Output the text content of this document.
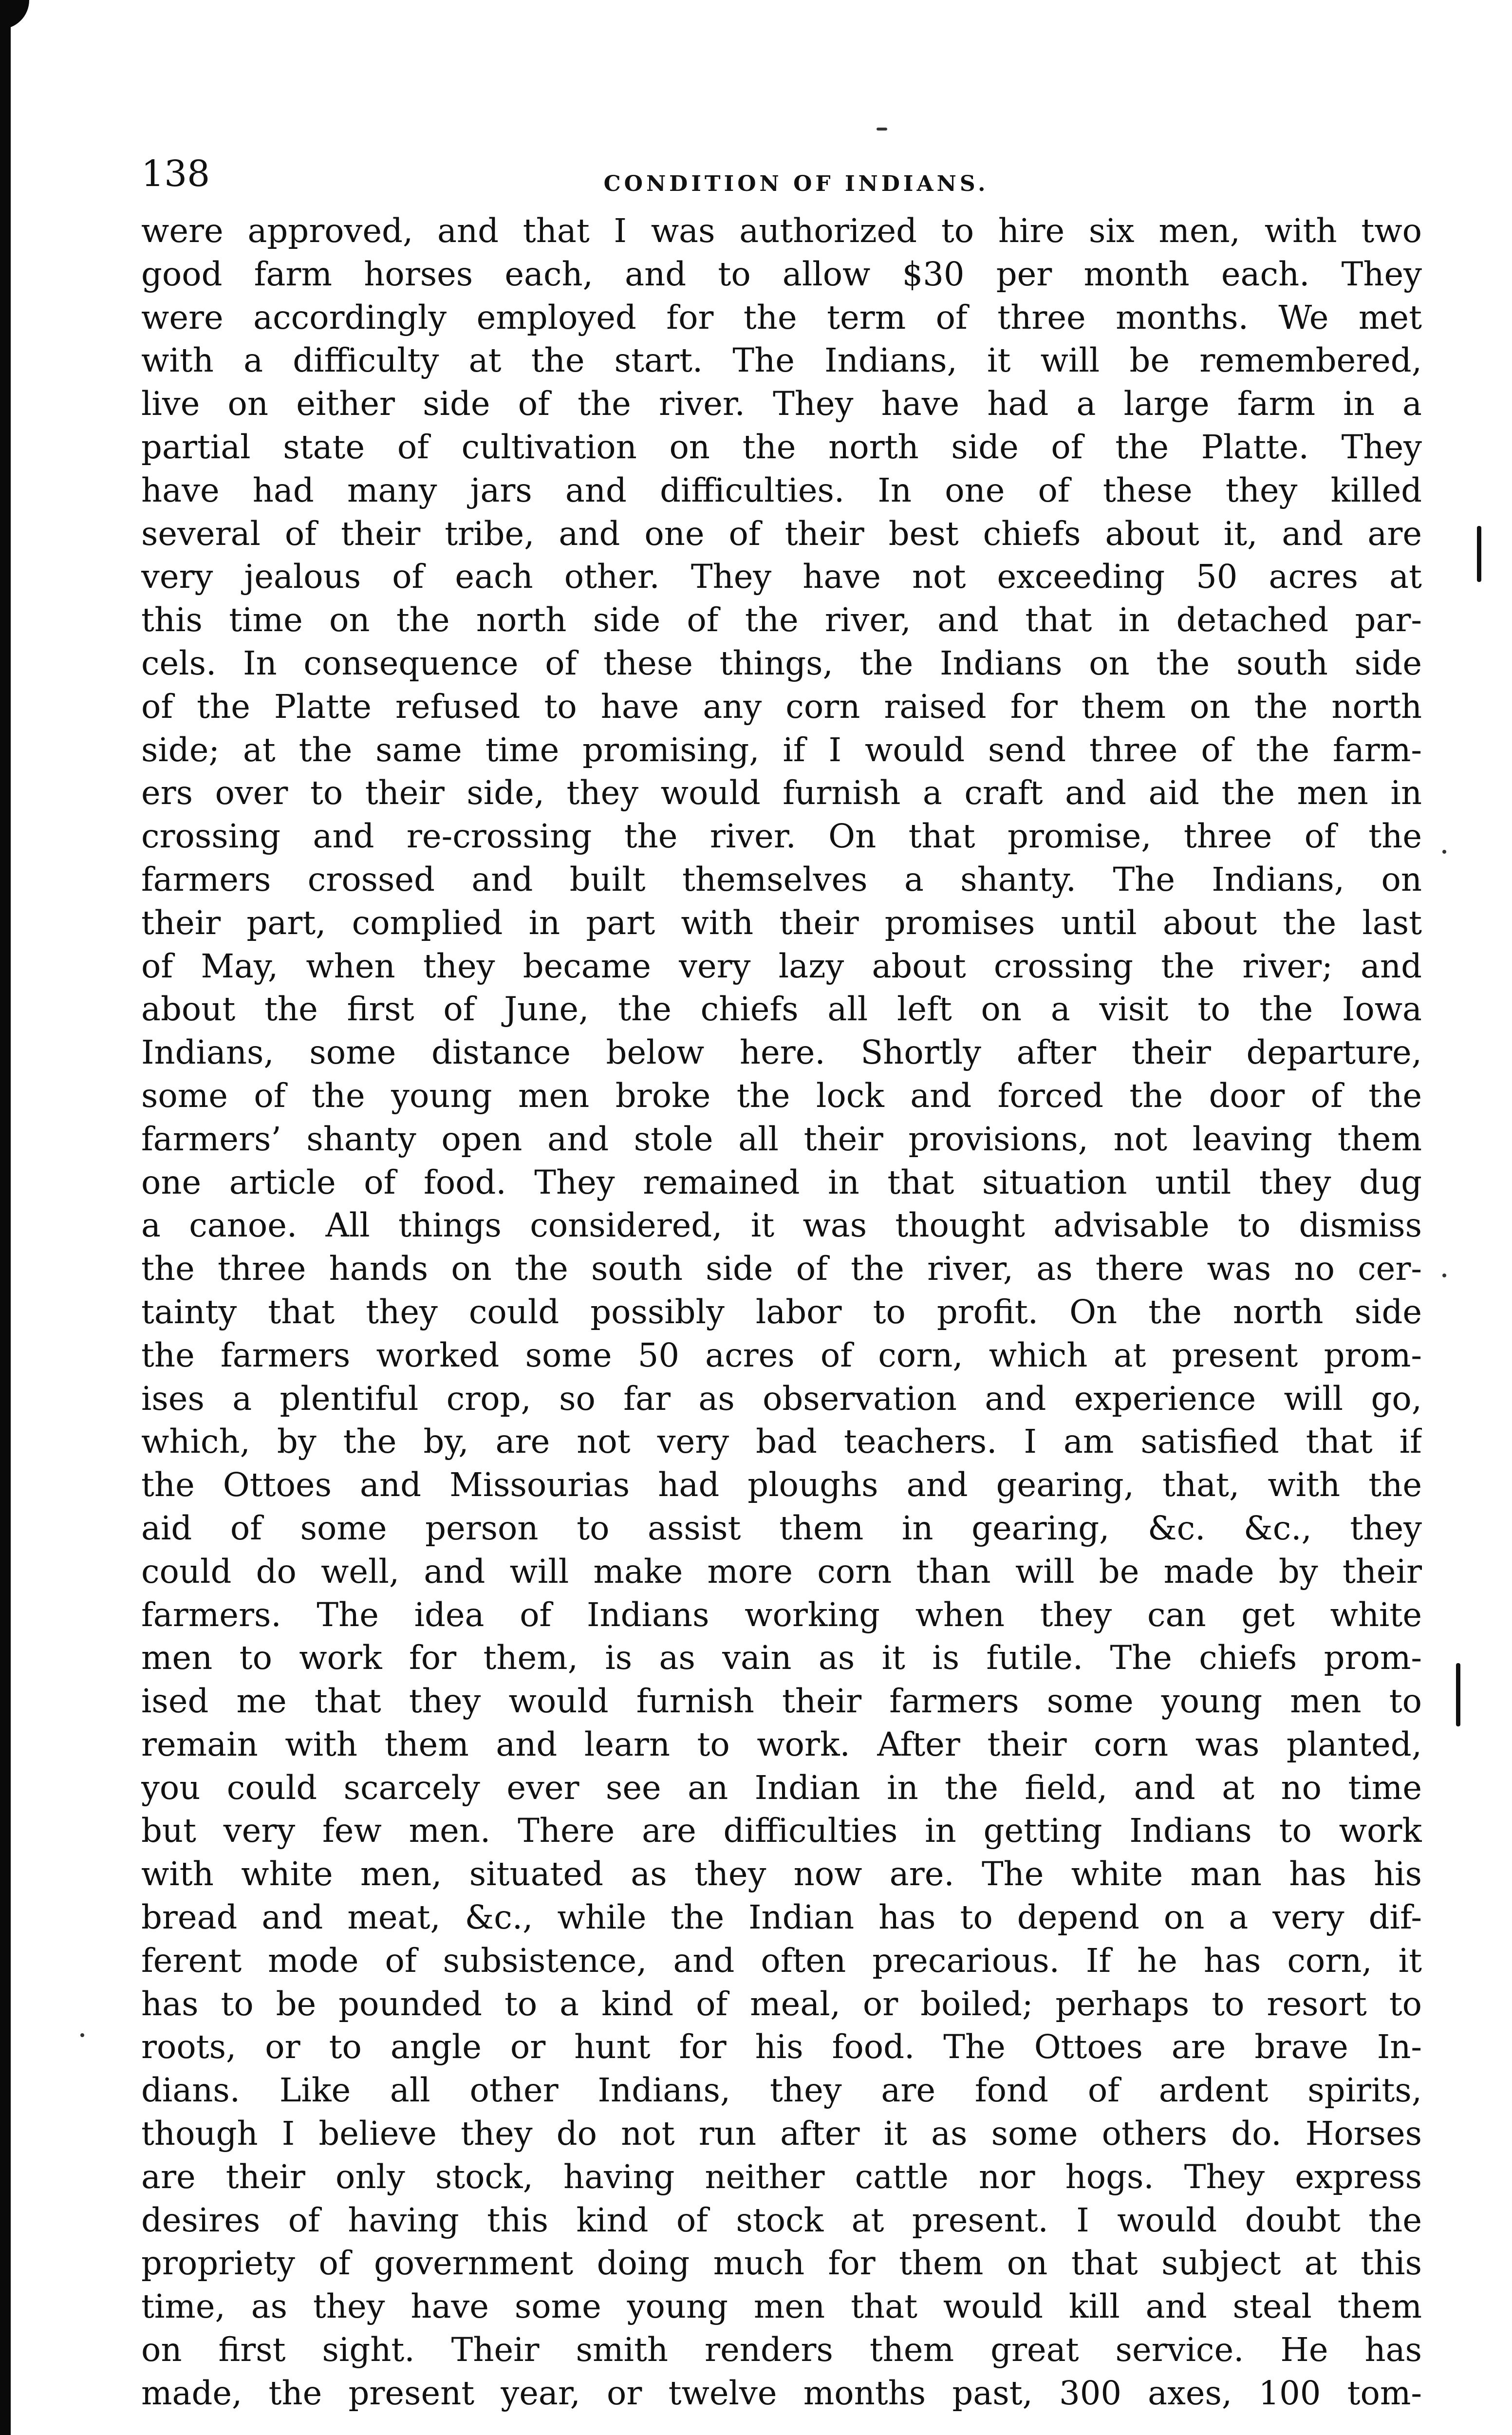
138	CONDITION OF INDIANS.
were approved, and that I was authorized to hire six men, with two
good farm horses each, and to allow $30 per month each. They
were accordingly employed for the term of three months. We met
with a difficulty at the start. The Indians, it will be remembered,
live on either side of the river. They have had a large farm in a
partial state of cultivation on the north side of the Platte. They
have had many jars and difficulties. In one of these they killed
several of their tribe, and one of their best chiefs about it, and are
very jealous of each other. They have not exceeding 50 acres at
this time on the north side of the river, and that in detached par-
cels. In consequence of these things, the Indians on the south side
of the Platte refused to have any corn raised for them on the north
side; at the same time promising, if I would send three of the farm-
ers over to their side, they would furnish a craft and aid the men in
crossing and re-crossing the river. On that promise, three of the
farmers crossed and built themselves a shanty. The Indians, on
their part, complied in part with their promises until about the last
of May, when they became very lazy about crossing the river; and
about the first of June, the chiefs all left on a visit to the Iowa
Indians, some distance below here. Shortly after their departure,
some of the young men broke the lock and forced the door of the
farmers’ shanty open and stole all their provisions, not leaving them
one article of food. They remained in that situation until they dug
a canoe. All things considered, it was thought advisable to dismiss
the three hands on the south side of the river, as there was no cer-
tainty that they could possibly labor to profit. On the north side
the farmers worked some 50 acres of corn, which at present prom-
ises a plentiful crop, so far as observation and experience will go,
which, by the by, are not very bad teachers. I am satisfied that if
the Ottoes and Missourias had ploughs and gearing, that, with the
aid of some person to assist them in gearing, &c. &c., they
could do well, and will make more corn than will be made by their
farmers. The idea of Indians working when they can get white
men to work for them, is as vain as it is futile. The chiefs prom-
ised me that they would furnish their farmers some young men to
remain with them and learn to work. After their corn was planted,
you could scarcely ever see an Indian in the field, and at no time
but very few men. There are difficulties in getting Indians to work
with white men, situated as they now are. The white man has his
bread and meat, &c., while the Indian has to depend on a very dif-
ferent mode of subsistence, and often precarious. If he has corn, it
has to be pounded to a kind of meal, or boiled; perhaps to resort to
roots, or to angle or hunt for his food. The Ottoes are brave In-
dians. Like all other Indians, they are fond of ardent spirits,
though I believe they do not run after it as some others do. Horses
are their only stock, having neither cattle nor hogs. They express
desires of having this kind of stock at present. I would doubt the
propriety of government doing much for them on that subject at this
time, as they have some young men that would kill and steal them
on first sight. Their smith renders them great service. He has
made, the present year, or twelve months past, 300 axes, 100 tom-
